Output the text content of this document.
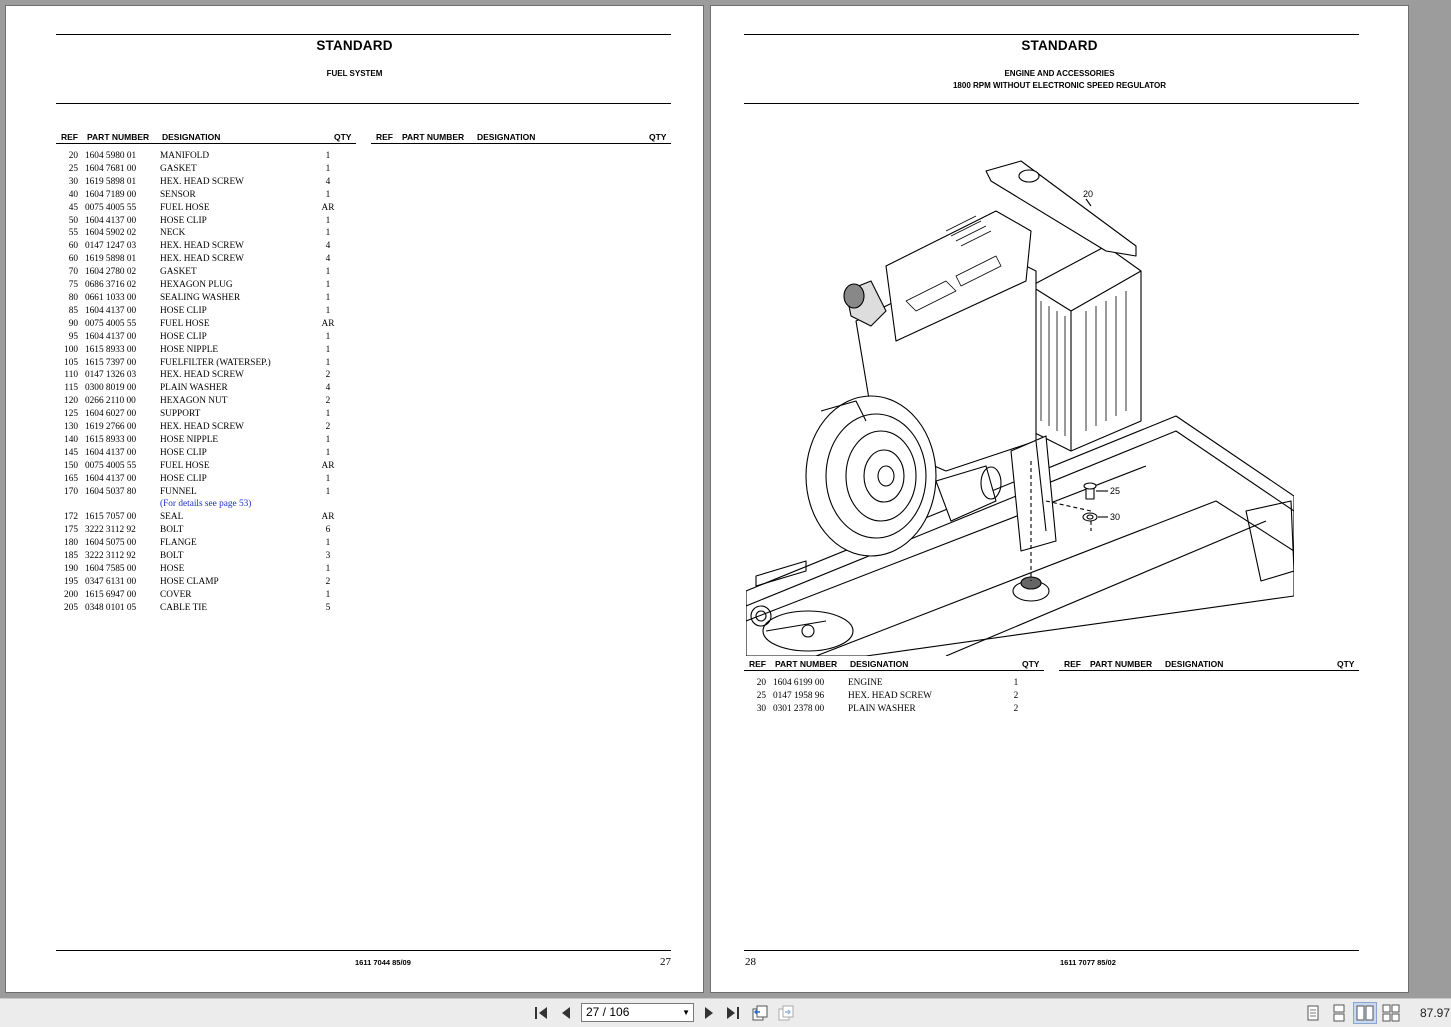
STANDARD
FUEL SYSTEM
REF PART NUMBER DESIGNATION	QTY	REF PART NUMBER DESIGNATION	QTY
20	1604 5980 01	MANIFOLD	1
25	1604 7681 00	GASKET	1
30	1619 5898 01	HEX. HEAD SCREW	4
40	1604 7189 00	SENSOR	1
45	0075 4005 55	FUEL HOSE	AR
50	1604 4137 00	HOSE CLIP	1
55	1604 5902 02	NECK	1
60	0147 1247 03	HEX. HEAD SCREW	4
60	1619 5898 01	HEX. HEAD SCREW	4
70	1604 2780 02	GASKET	1
75	0686 3716 02	HEXAGON PLUG	1
80	0661 1033 00	SEALING WASHER	1
85	1604 4137 00	HOSE CLIP	1
90	0075 4005 55	FUEL HOSE	AR
95	1604 4137 00	HOSE CLIP	1
100	1615 8933 00	HOSE NIPPLE	1
105	1615 7397 00	FUELFILTER (WATERSEP.)	1
110	0147 1326 03	HEX. HEAD SCREW	2
115	0300 8019 00	PLAIN WASHER	4
120	0266 2110 00	HEXAGON NUT	2
125	1604 6027 00	SUPPORT	1
130	1619 2766 00	HEX. HEAD SCREW	2
140	1615 8933 00	HOSE NIPPLE	1
145	1604 4137 00	HOSE CLIP	1
150	0075 4005 55	FUEL HOSE	AR
165	1604 4137 00	HOSE CLIP	1
170	1604 5037 80	FUNNEL	1
		(For details see page 53)	
172	1615 7057 00	SEAL	AR
175	3222 3112 92	BOLT	6
180	1604 5075 00	FLANGE	1
185	3222 3112 92	BOLT	3
190	1604 7585 00	HOSE	1
195	0347 6131 00	HOSE CLAMP	2
200	1615 6947 00	COVER	1
205	0348 0101 05	CABLE TIE	5
1611 7044 85/09	27
STANDARD
ENGINE AND ACCESSORIES
1800 RPM WITHOUT ELECTRONIC SPEED REGULATOR
20
25
30
REF PART NUMBER DESIGNATION	QTY	REF PART NUMBER DESIGNATION	QTY
20	1604 6199 00	ENGINE	1
25	0147 1958 96	HEX. HEAD SCREW	2
30	0301 2378 00	PLAIN WASHER	2
28	1611 7077 85/02
27 / 106	▼	87.97
